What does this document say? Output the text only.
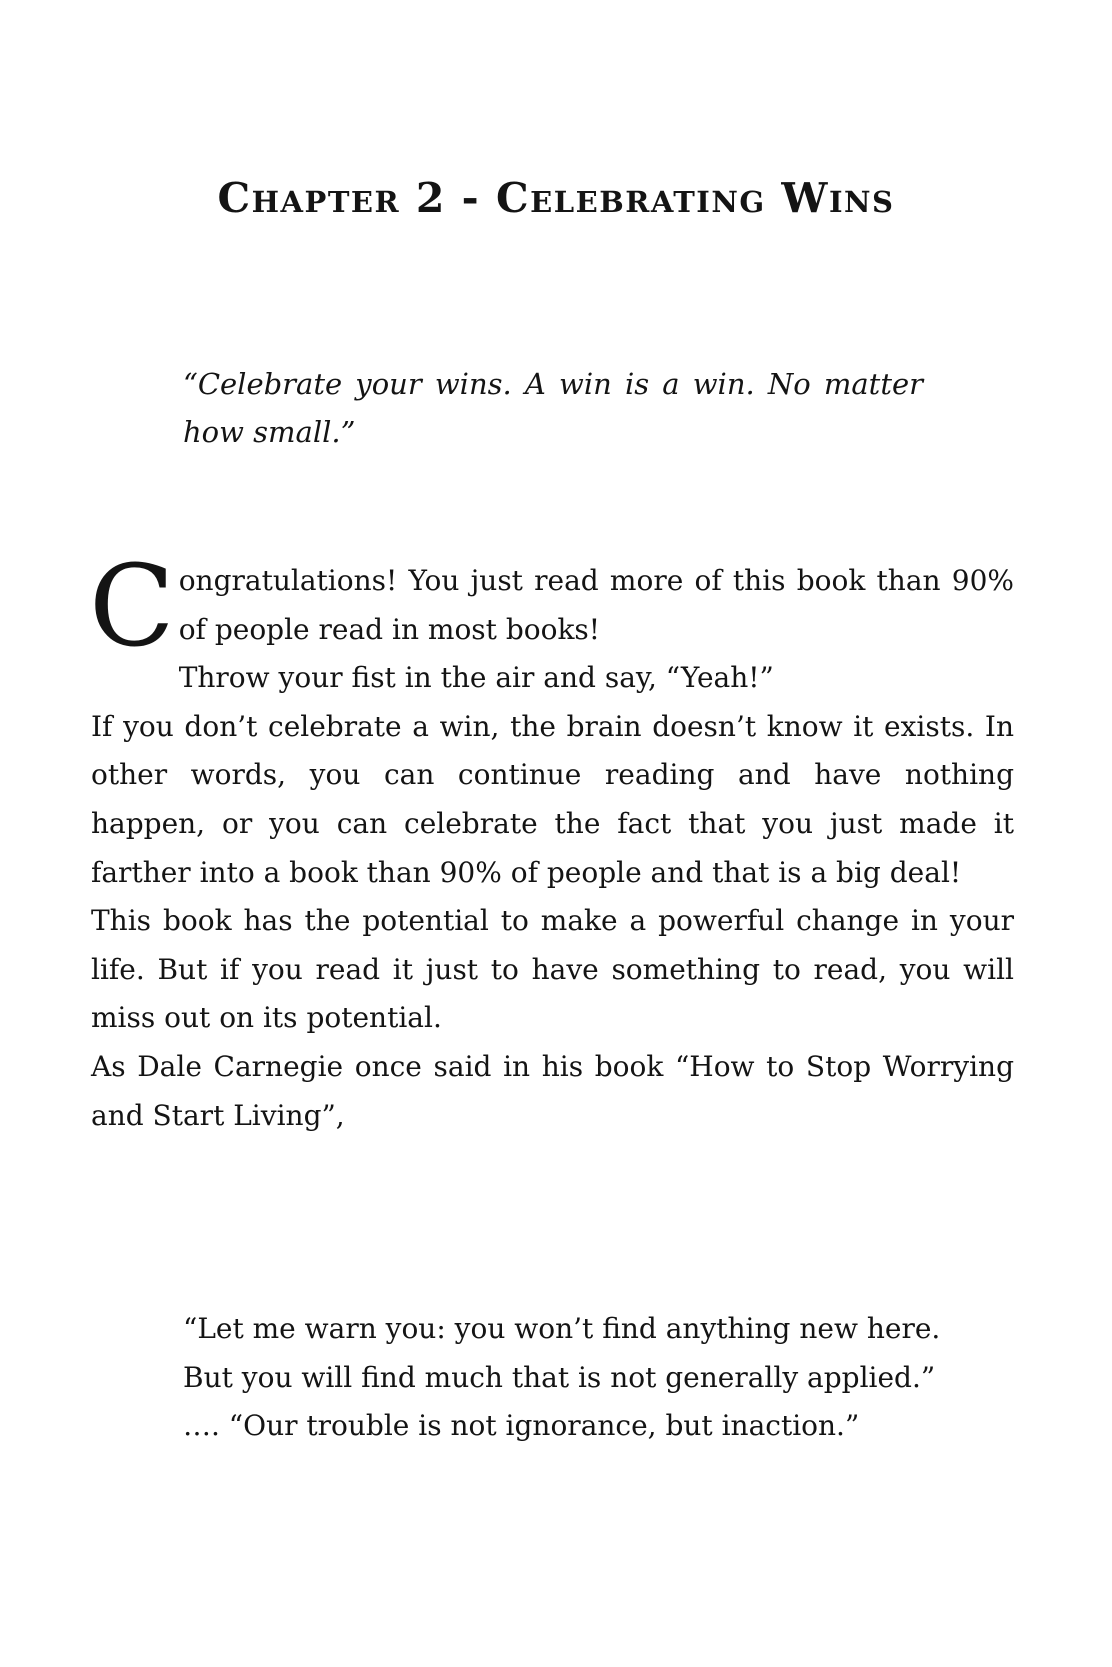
Chapter 2 - Celebrating Wins

“Celebrate your wins. A win is a win. No matter how small.”

C ongratulations! You just read more of this book than 90% of people read in most books!

Throw your fist in the air and say, “Yeah!”

If you don’t celebrate a win, the brain doesn’t know it exists. In other words, you can continue reading and have nothing happen, or you can celebrate the fact that you just made it farther into a book than 90% of people and that is a big deal!

This book has the potential to make a powerful change in your life. But if you read it just to have something to read, you will miss out on its potential.

As Dale Carnegie once said in his book “How to Stop Worrying and Start Living”,

“Let me warn you: you won’t find anything new here.
But you will find much that is not generally applied.”
…. “Our trouble is not ignorance, but inaction.”
